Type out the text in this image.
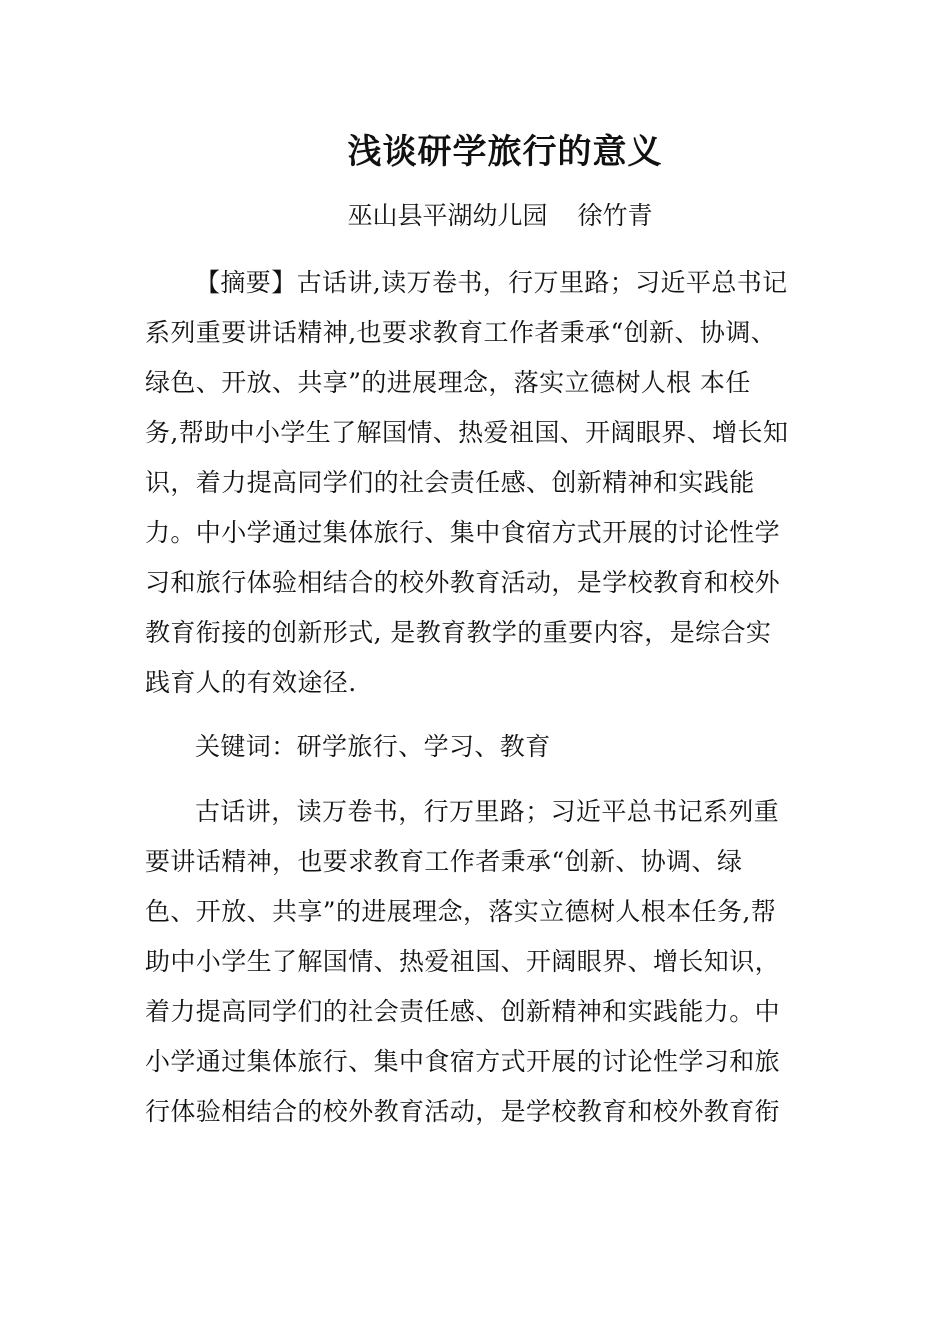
浅谈研学旅行的意义
巫山县平湖幼儿园 徐竹青
【摘要】古话讲,读万卷书，行万里路；习近平总书记
系列重要讲话精神,也要求教育工作者秉承“创新、协调、
绿色、开放、共享”的进展理念，落实立德树人根 本任
务,帮助中小学生了解国情、热爱祖国、开阔眼界、增长知
识，着力提高同学们的社会责任感、创新精神和实践能
力。中小学通过集体旅行、集中食宿方式开展的讨论性学
习和旅行体验相结合的校外教育活动，是学校教育和校外
教育衔接的创新形式, 是教育教学的重要内容，是综合实
践育人的有效途径.
关键词：研学旅行、学习、教育
古话讲，读万卷书，行万里路；习近平总书记系列重
要讲话精神，也要求教育工作者秉承“创新、协调、绿
色、开放、共享”的进展理念，落实立德树人根本任务,帮
助中小学生了解国情、热爱祖国、开阔眼界、增长知识，
着力提高同学们的社会责任感、创新精神和实践能力。中
小学通过集体旅行、集中食宿方式开展的讨论性学习和旅
行体验相结合的校外教育活动，是学校教育和校外教育衔
